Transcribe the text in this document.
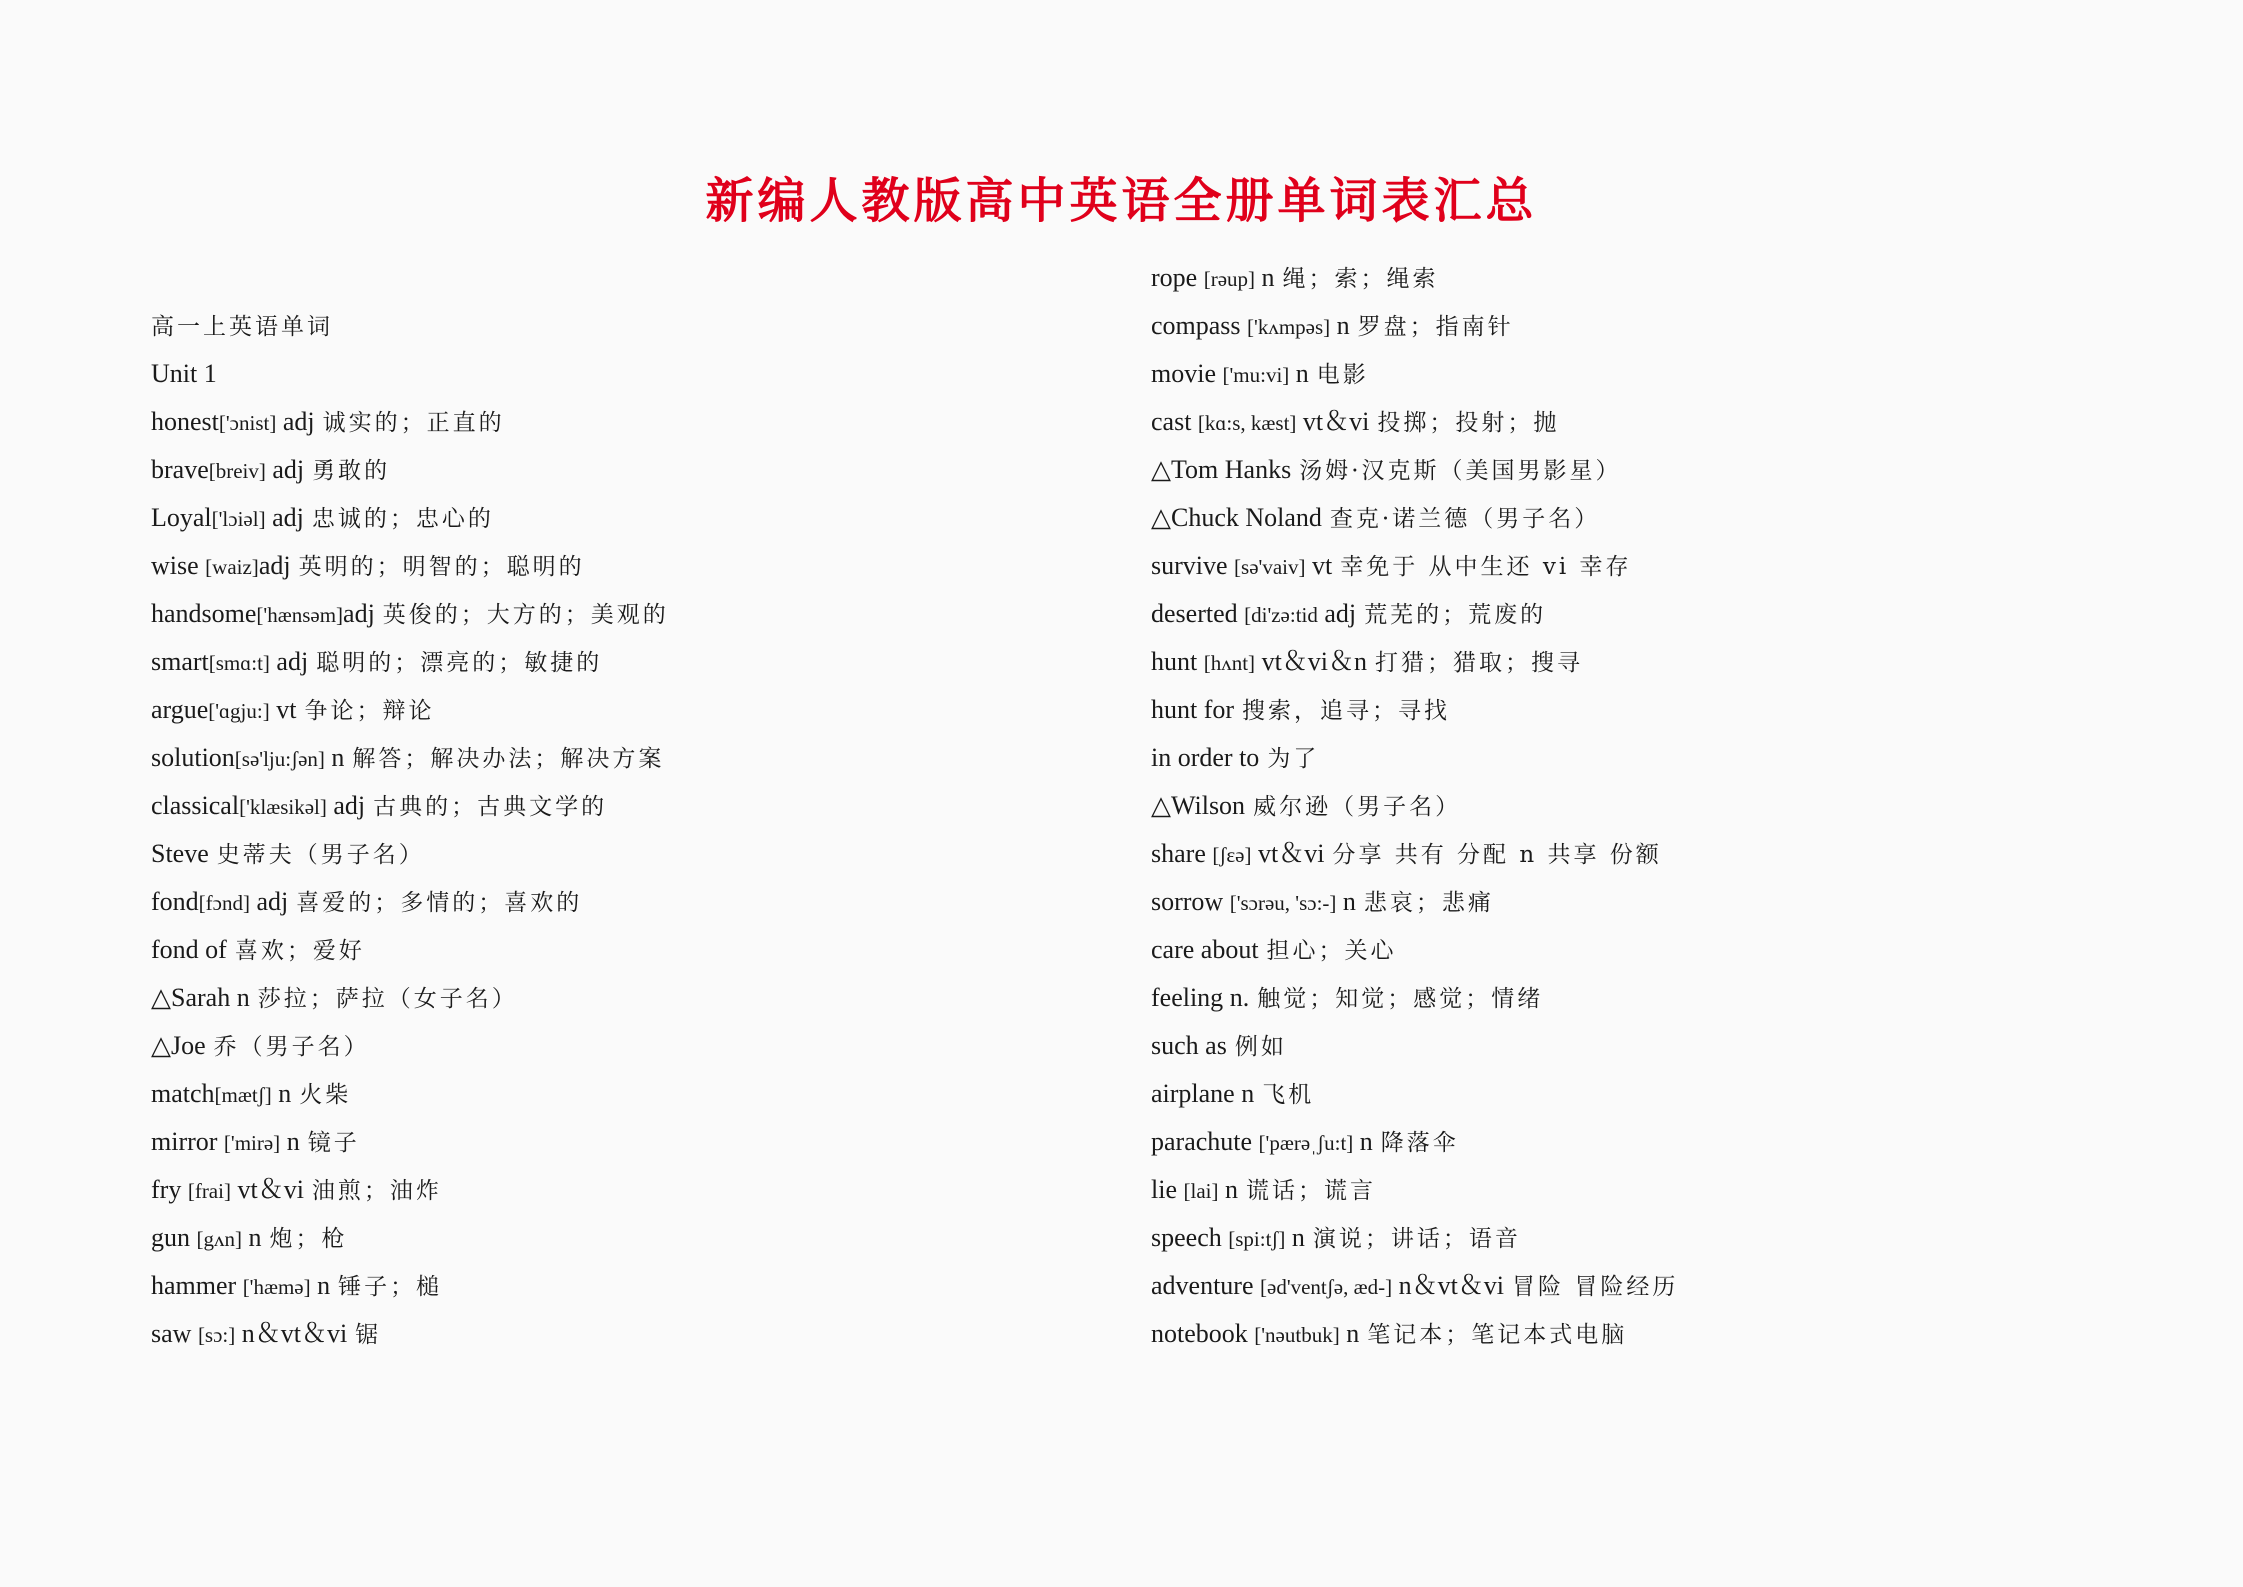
新编人教版高中英语全册单词表汇总
高一上英语单词
Unit 1
honest['ɔnist] adj 诚实的；正直的
brave[breiv] adj 勇敢的
Loyal['lɔiəl] adj 忠诚的；忠心的
wise [waiz]adj 英明的；明智的；聪明的
handsome['hænsəm]adj 英俊的；大方的；美观的
smart[smɑ:t] adj 聪明的；漂亮的；敏捷的
argue['ɑgju:] vt 争论；辩论
solution[sə'lju:ʃən] n 解答；解决办法；解决方案
classical['klæsikəl] adj 古典的；古典文学的
Steve 史蒂夫（男子名）
fond[fɔnd] adj 喜爱的；多情的；喜欢的
fond of 喜欢；爱好
△Sarah n 莎拉；萨拉（女子名）
△Joe 乔（男子名）
match[mætʃ] n 火柴
mirror ['mirə] n 镜子
fry [frai] vt＆vi 油煎；油炸
gun [gʌn] n 炮；枪
hammer ['hæmə] n 锤子；槌
saw [sɔ:] n＆vt＆vi 锯
rope [rəup] n 绳；索；绳索
compass ['kʌmpəs] n 罗盘；指南针
movie ['mu:vi] n 电影
cast [kɑ:s, kæst] vt＆vi 投掷；投射；抛
△Tom Hanks 汤姆·汉克斯（美国男影星）
△Chuck Noland 查克·诺兰德（男子名）
survive [sə'vaiv] vt 幸免于 从中生还 vi 幸存
deserted [di'zə:tid adj 荒芜的；荒废的
hunt [hʌnt] vt＆vi＆n 打猎；猎取；搜寻
hunt for 搜索，追寻；寻找
in order to 为了
△Wilson 威尔逊（男子名）
share [ʃɛə] vt＆vi 分享 共有 分配 n 共享 份额
sorrow ['sɔrəu, 'sɔ:-] n 悲哀；悲痛
care about 担心；关心
feeling n. 触觉；知觉；感觉；情绪
such as 例如
airplane n 飞机
parachute ['pærəˌʃu:t] n 降落伞
lie [lai] n 谎话；谎言
speech [spi:tʃ] n 演说；讲话；语音
adventure [əd'ventʃə, æd-] n＆vt＆vi 冒险 冒险经历
notebook ['nəutbuk] n 笔记本；笔记本式电脑
